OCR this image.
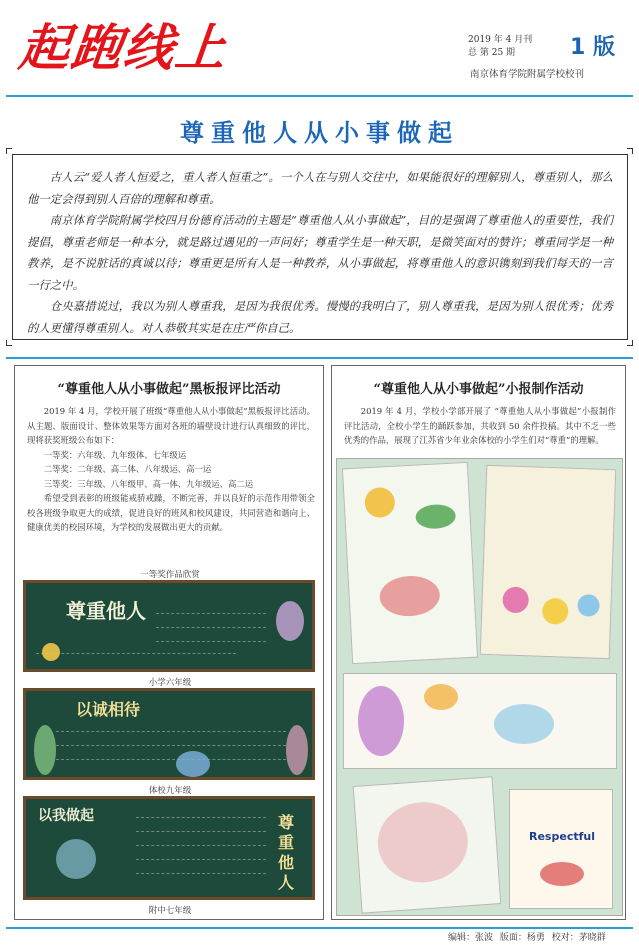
起跑线上	2019 年 4 月刊
总 第 25 期	1 版
南京体育学院附属学校校刊
尊重他人从小事做起

古人云“爱人者人恒爱之，重人者人恒重之”。一个人在与别人交往中，如果能很好的理解别人，尊重别人，那么他一定会得到别人百倍的理解和尊重。

南京体育学院附属学校四月份德育活动的主题是“尊重他人从小事做起”，目的是强调了尊重他人的重要性，我们提倡，尊重老师是一种本分，就是路过遇见的一声问好；尊重学生是一种天职，是微笑面对的赞许；尊重同学是一种教养，是不说脏话的真诚以待；尊重更是所有人是一种教养，从小事做起，将尊重他人的意识镌刻到我们每天的一言一行之中。

仓央嘉措说过，我以为别人尊重我，是因为我很优秀。慢慢的我明白了，别人尊重我，是因为别人很优秀；优秀的人更懂得尊重别人。对人恭敬其实是在庄严你自己。

“尊重他人从小事做起”黑板报评比活动

2019 年 4 月，学校开展了班级“尊重他人从小事做起”黑板报评比活动。从主题、版面设计、整体效果等方面对各班的墙壁设计进行认真细致的评比，现将获奖班级公布如下：

一等奖：六年级、九年级体、七年级运

二等奖：二年级、高二体、八年级运、高一运

三等奖：三年级、八年级甲、高一体、九年级运、高二运

希望受到表彰的班级能戒骄戒躁，不断完善，并以良好的示范作用带领全校各班级争取更大的成绩，促进良好的班风和校风建设，共同营造和谐向上、健康优美的校园环境，为学校的发展做出更大的贡献。

一等奖作品欣赏
尊重他人
小学六年级
以诚相待
体校九年级
以我做起	尊重他人
附中七年级
“尊重他人从小事做起”小报制作活动

2019 年 4 月，学校小学部开展了 “尊重他人从小事做起”小报制作评比活动，全校小学生的踊跃参加，共收到 50 余件投稿。其中不乏一些优秀的作品，展现了江苏省少年业余体校的小学生们对“尊重”的理解。

Respectful
编辑：张波 版面：杨勇 校对：茅晓群
